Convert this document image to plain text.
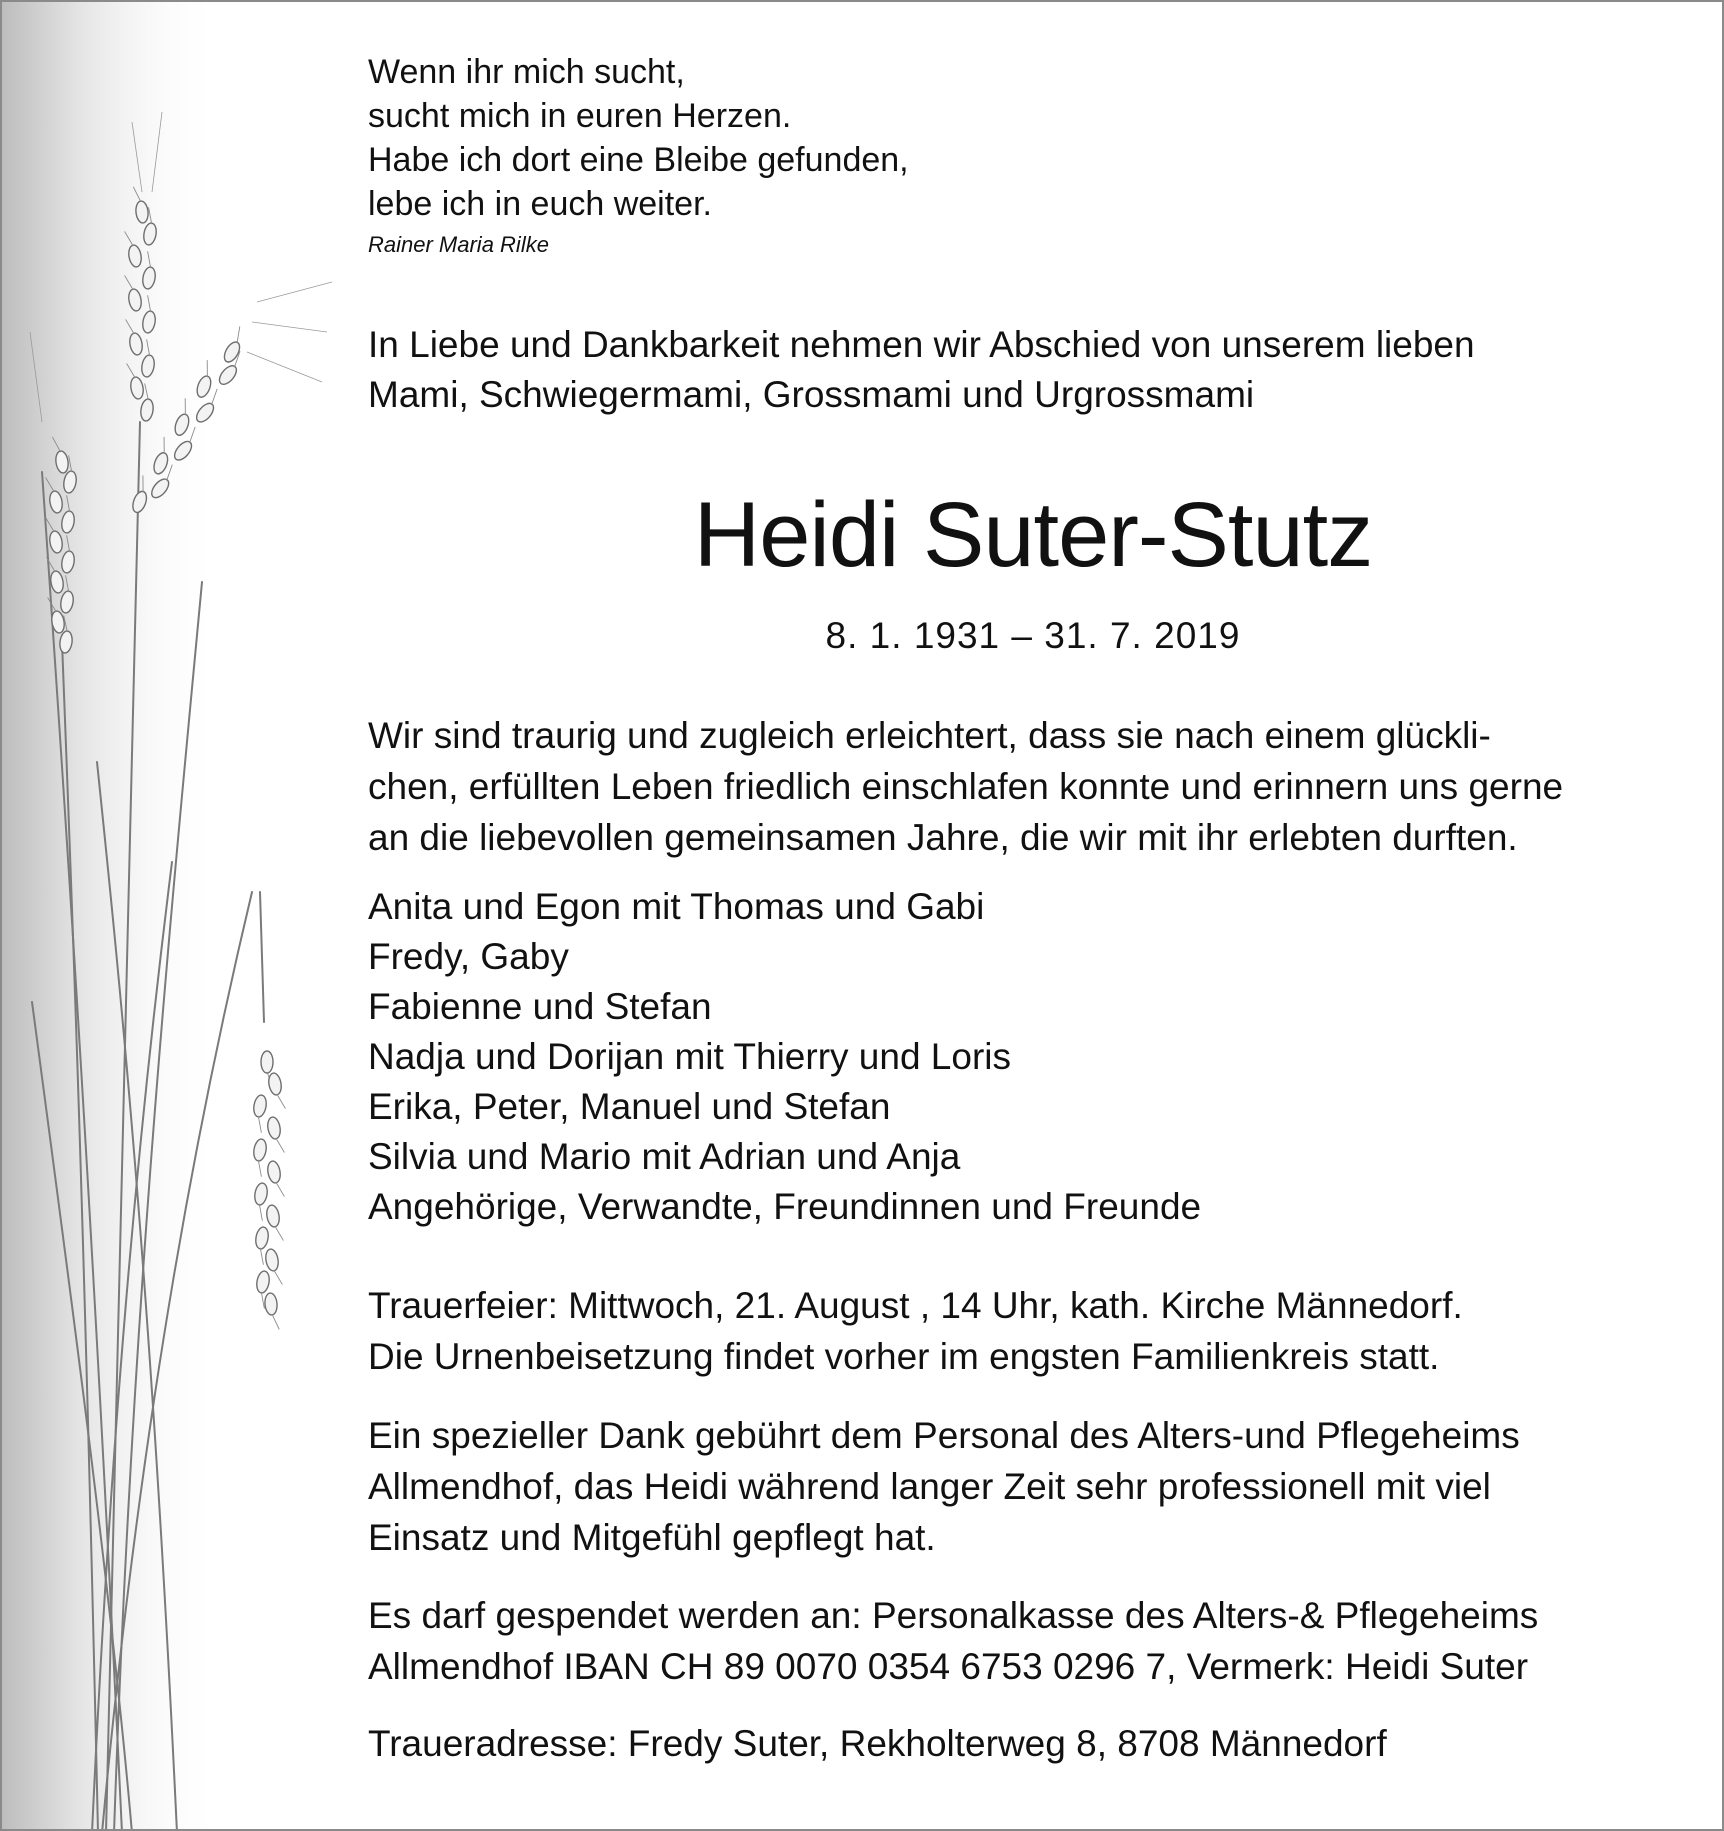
Wenn ihr mich sucht,
sucht mich in euren Herzen.
Habe ich dort eine Bleibe gefunden,
lebe ich in euch weiter.
Rainer Maria Rilke
In Liebe und Dankbarkeit nehmen wir Abschied von unserem lieben
Mami, Schwiegermami, Grossmami und Urgrossmami
Heidi Suter-Stutz
8. 1. 1931 – 31. 7. 2019
Wir sind traurig und zugleich erleichtert, dass sie nach einem glückli-
chen, erfüllten Leben friedlich einschlafen konnte und erinnern uns gerne
an die liebevollen gemeinsamen Jahre, die wir mit ihr erlebten durften.
Anita und Egon mit Thomas und Gabi
Fredy, Gaby
Fabienne und Stefan
Nadja und Dorijan mit Thierry und Loris
Erika, Peter, Manuel und Stefan
Silvia und Mario mit Adrian und Anja
Angehörige, Verwandte, Freundinnen und Freunde
Trauerfeier: Mittwoch, 21. August , 14 Uhr, kath. Kirche Männedorf.
Die Urnenbeisetzung findet vorher im engsten Familienkreis statt.
Ein spezieller Dank gebührt dem Personal des Alters-und Pflegeheims
Allmendhof, das Heidi während langer Zeit sehr professionell mit viel
Einsatz und Mitgefühl gepflegt hat.
Es darf gespendet werden an: Personalkasse des Alters-& Pflegeheims
Allmendhof IBAN CH 89 0070 0354 6753 0296 7, Vermerk: Heidi Suter
Traueradresse: Fredy Suter, Rekholterweg 8, 8708 Männedorf
